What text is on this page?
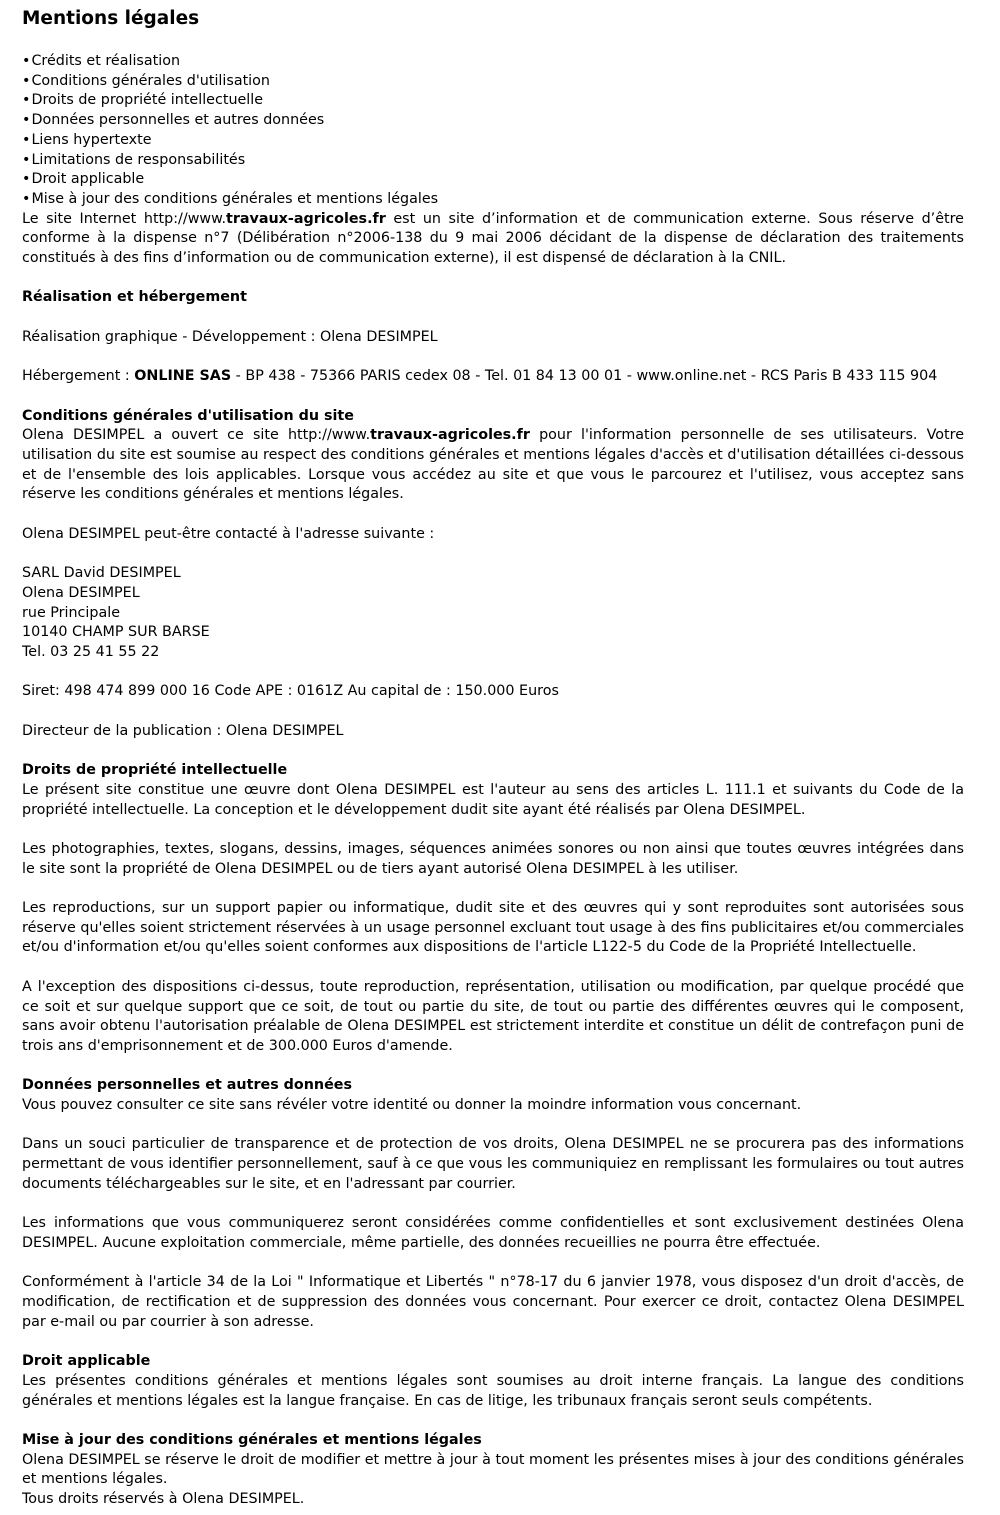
Mentions légales

•Crédits et réalisation

•Conditions générales d'utilisation

•Droits de propriété intellectuelle

•Données personnelles et autres données

•Liens hypertexte

•Limitations de responsabilités

•Droit applicable

•Mise à jour des conditions générales et mentions légales

Le site Internet http://www.travaux-agricoles.fr est un site d’information et de communication externe. Sous réserve d’être conforme à la dispense n°7 (Délibération n°2006-138 du 9 mai 2006 décidant de la dispense de déclaration des traitements constitués à des fins d’information ou de communication externe), il est dispensé de déclaration à la CNIL.

Réalisation et hébergement

Réalisation graphique - Développement : Olena DESIMPEL

Hébergement : ONLINE SAS - BP 438 - 75366 PARIS cedex 08 - Tel. 01 84 13 00 01 - www.online.net - RCS Paris B 433 115 904

Conditions générales d'utilisation du site

Olena DESIMPEL a ouvert ce site http://www.travaux-agricoles.fr pour l'information personnelle de ses utilisateurs. Votre utilisation du site est soumise au respect des conditions générales et mentions légales d'accès et d'utilisation détaillées ci-dessous et de l'ensemble des lois applicables. Lorsque vous accédez au site et que vous le parcourez et l'utilisez, vous acceptez sans réserve les conditions générales et mentions légales.

Olena DESIMPEL peut-être contacté à l'adresse suivante :

SARL David DESIMPEL

Olena DESIMPEL

rue Principale

10140 CHAMP SUR BARSE

Tel. 03 25 41 55 22

Siret: 498 474 899 000 16 Code APE : 0161Z Au capital de : 150.000 Euros

Directeur de la publication : Olena DESIMPEL

Droits de propriété intellectuelle

Le présent site constitue une œuvre dont Olena DESIMPEL est l'auteur au sens des articles L. 111.1 et suivants du Code de la propriété intellectuelle. La conception et le développement dudit site ayant été réalisés par Olena DESIMPEL.

Les photographies, textes, slogans, dessins, images, séquences animées sonores ou non ainsi que toutes œuvres intégrées dans le site sont la propriété de Olena DESIMPEL ou de tiers ayant autorisé Olena DESIMPEL à les utiliser.

Les reproductions, sur un support papier ou informatique, dudit site et des œuvres qui y sont reproduites sont autorisées sous réserve qu'elles soient strictement réservées à un usage personnel excluant tout usage à des fins publicitaires et/ou commerciales et/ou d'information et/ou qu'elles soient conformes aux dispositions de l'article L122-5 du Code de la Propriété Intellectuelle.

A l'exception des dispositions ci-dessus, toute reproduction, représentation, utilisation ou modification, par quelque procédé que ce soit et sur quelque support que ce soit, de tout ou partie du site, de tout ou partie des différentes œuvres qui le composent, sans avoir obtenu l'autorisation préalable de Olena DESIMPEL est strictement interdite et constitue un délit de contrefaçon puni de trois ans d'emprisonnement et de 300.000 Euros d'amende.

Données personnelles et autres données

Vous pouvez consulter ce site sans révéler votre identité ou donner la moindre information vous concernant.

Dans un souci particulier de transparence et de protection de vos droits, Olena DESIMPEL ne se procurera pas des informations permettant de vous identifier personnellement, sauf à ce que vous les communiquiez en remplissant les formulaires ou tout autres documents téléchargeables sur le site, et en l'adressant par courrier.

Les informations que vous communiquerez seront considérées comme confidentielles et sont exclusivement destinées Olena DESIMPEL. Aucune exploitation commerciale, même partielle, des données recueillies ne pourra être effectuée.

Conformément à l'article 34 de la Loi " Informatique et Libertés " n°78-17 du 6 janvier 1978, vous disposez d'un droit d'accès, de modification, de rectification et de suppression des données vous concernant. Pour exercer ce droit, contactez Olena DESIMPEL par e-mail ou par courrier à son adresse.

Droit applicable

Les présentes conditions générales et mentions légales sont soumises au droit interne français. La langue des conditions générales et mentions légales est la langue française. En cas de litige, les tribunaux français seront seuls compétents.

Mise à jour des conditions générales et mentions légales

Olena DESIMPEL se réserve le droit de modifier et mettre à jour à tout moment les présentes mises à jour des conditions générales et mentions légales.

Tous droits réservés à Olena DESIMPEL.
